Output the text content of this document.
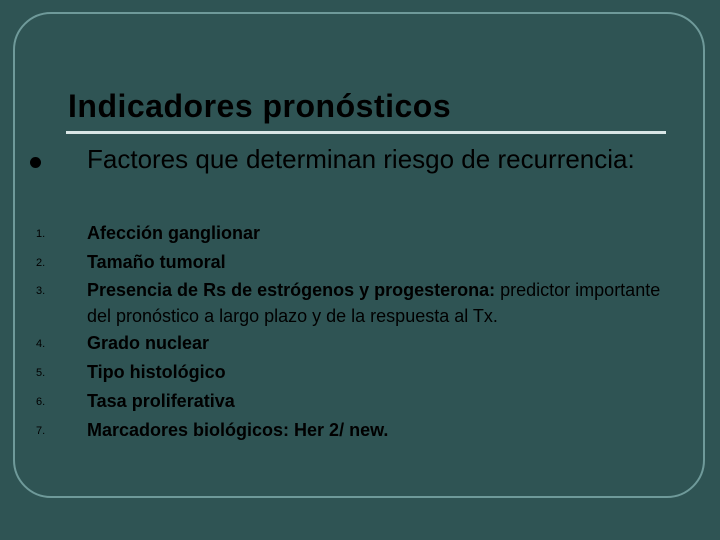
Indicadores pronósticos
Factores que determinan riesgo de recurrencia:
1. Afección ganglionar
2. Tamaño tumoral
3. Presencia de Rs de estrógenos y progesterona: predictor importante del pronóstico a largo plazo y de la respuesta al Tx.
4. Grado nuclear
5. Tipo histológico
6. Tasa proliferativa
7. Marcadores biológicos: Her 2/ new.
